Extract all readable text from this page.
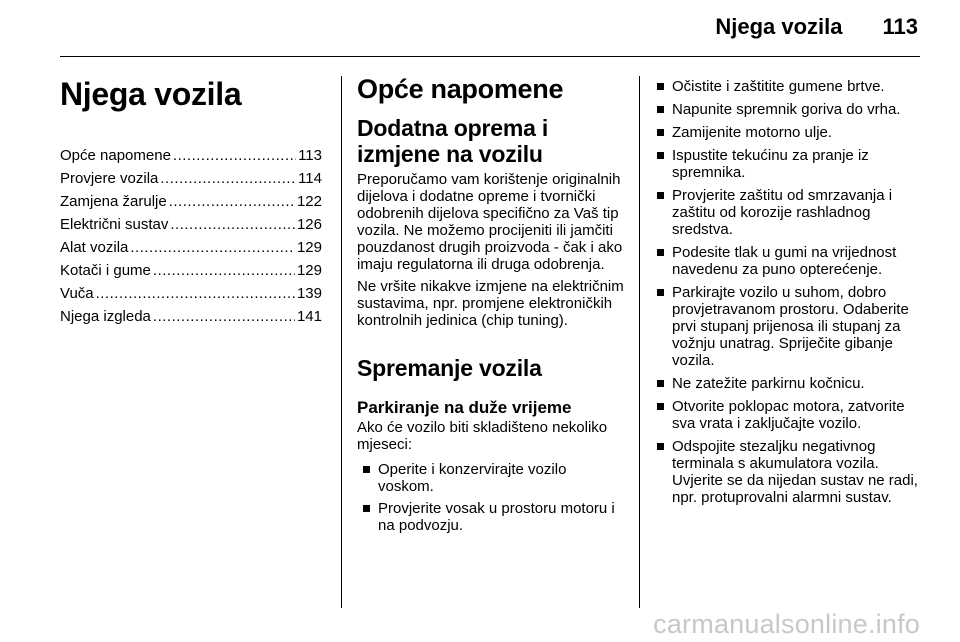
Njega vozila 113
Njega vozila
Opće napomene .....	113
Provjere vozila .....	114
Zamjena žarulje .....	122
Električni sustav .....	126
Alat vozila .....	129
Kotači i gume .....	129
Vuča .....	139
Njega izgleda .....	141
Opće napomene
Dodatna oprema i izmjene na vozilu

Preporučamo vam korištenje originalnih dijelova i dodatne opreme i tvornički odobrenih dijelova specifično za Vaš tip vozila. Ne možemo procijeniti ili jamčiti pouzdanost drugih proizvoda - čak i ako imaju regulatorna ili druga odobrenja.

Ne vršite nikakve izmjene na električnim sustavima, npr. promjene elektroničkih kontrolnih jedinica (chip tuning).

Spremanje vozila
Parkiranje na duže vrijeme

Ako će vozilo biti skladišteno nekoliko mjeseci:

Operite i konzervirajte vozilo voskom.
Provjerite vosak u prostoru motoru i na podvozju.
Očistite i zaštitite gumene brtve.
Napunite spremnik goriva do vrha.
Zamijenite motorno ulje.
Ispustite tekućinu za pranje iz spremnika.
Provjerite zaštitu od smrzavanja i zaštitu od korozije rashladnog sredstva.
Podesite tlak u gumi na vrijednost navedenu za puno opterećenje.
Parkirajte vozilo u suhom, dobro provjetravanom prostoru. Odaberite prvi stupanj prijenosa ili stupanj za vožnju unatrag. Spriječite gibanje vozila.
Ne zatežite parkirnu kočnicu.
Otvorite poklopac motora, zatvorite sva vrata i zaključajte vozilo.
Odspojite stezaljku negativnog terminala s akumulatora vozila. Uvjerite se da nijedan sustav ne radi, npr. protuprovalni alarmni sustav.
carmanualsonline.info
